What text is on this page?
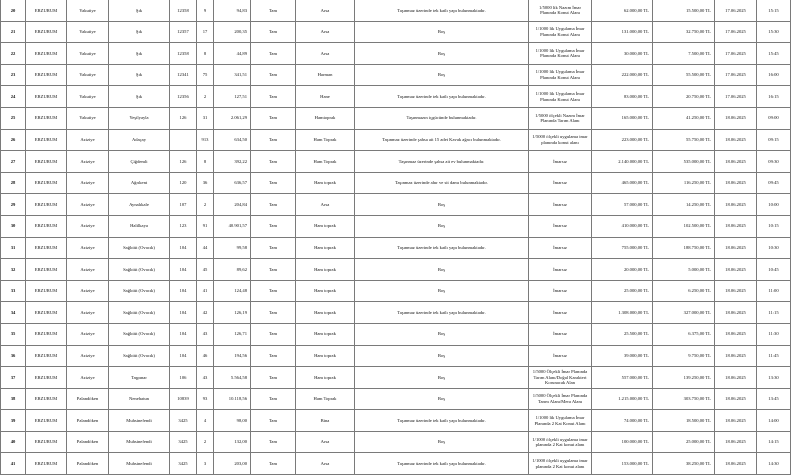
20	ERZURUM	Yakutiye	Şık	12358	9	94,83	Tam	Arsa	Taşınmaz üzerinde tek katlı yapı bulunmaktadır.	1/5000 lik Nazım İmar Planında Konut Alanı	62.000,00 TL	15.500,00 TL	17.06.2025	15:15
21	ERZURUM	Yakutiye	Şık	12357	17	200,35	Tam	Arsa	Boş	1/1000 lik Uygulama İmar Planında Konut Alanı	131.000,00 TL	32.750,00 TL	17.06.2025	15:30
22	ERZURUM	Yakutiye	Şık	12358	8	44,89	Tam	Arsa	Boş	1/1000 lik Uygulama İmar Planında Konut Alanı	30.000,00 TL	7.500,00 TL	17.06.2025	15:45
23	ERZURUM	Yakutiye	Şık	12341	75	341,51	Tam	Harman	Boş	1/1000 lik Uygulama İmar Planında Konut Alanı	222.000,00 TL	55.500,00 TL	17.06.2025	16:00
24	ERZURUM	Yakutiye	Şık	12356	2	127,51	Tam	Hane	Taşınmaz üzerinde tek katlı yapı bulunmaktadır.	1/1000 lik Uygulama İmar Planında Konut Alanı	83.000,00 TL	20.750,00 TL	17.06.2025	16:15
25	ERZURUM	Yakutiye	Yeşilyayla	126	31	2.061,29	Tam	Hamtoprak	Taşınmazın içgücünde bulunmaktadır.	1/5000 ölçekli Nazım İmar Planında Tarım Alanı	165.000,00 TL	41.250,00 TL	18.06.2025	09:00
26	ERZURUM	Aziziye	Adaçay		913	634,50	Tam	Ham Toprak	Taşınmaz üzerinde şahsa ait 15 adet Kavak ağacı bulunmaktadır.	1/5000 ölçekli uygulama imar planında konut alanı	223.000,00 TL	55.750,00 TL	18.06.2025	09:15
27	ERZURUM	Aziziye	Çiğdemli	126	8	392,22	Tam	Ham Toprak	Taşınmaz üzerinde şahsa ait ev bulunmaktadır.	İmarsız	2.140.000,00 TL	535.000,00 TL	18.06.2025	09:30
28	ERZURUM	Aziziye	Ağrıkent	120	36	636,57	Tam	Ham toprak	Taşınmaz üzerinde ahır ve sit damı bulunmaktadır.	İmarsız	465.000,00 TL	116.250,00 TL	18.06.2025	09:45
29	ERZURUM	Aziziye	Aynalıkale	107	2	204,84	Tam	Arsa	Boş	İmarsız	57.000,00 TL	14.250,00 TL	18.06.2025	10:00
30	ERZURUM	Aziziye	Halilkaya	123	91	40.901,57	Tam	Ham toprak	Boş	İmarsız	410.000,00 TL	102.500,00 TL	18.06.2025	10:15
31	ERZURUM	Aziziye	Sağlıtüt (Ovacık)	104	44	99,58	Tam	Ham toprak	Taşınmaz üzerinde tek katlı yapı bulunmaktadır.	İmarsız	755.000,00 TL	188.750,00 TL	18.06.2025	10:30
32	ERZURUM	Aziziye	Sağlıtüt (Ovacık)	104	45	89,62	Tam	Ham toprak	Boş	İmarsız	20.000,00 TL	5.000,00 TL	18.06.2025	10:45
33	ERZURUM	Aziziye	Sağlıtüt (Ovacık)	104	41	124,48	Tam	Ham toprak	Boş	İmarsız	25.000,00 TL	6.250,00 TL	18.06.2025	11:00
34	ERZURUM	Aziziye	Sağlıtüt (Ovacık)	104	42	126,19	Tam	Ham toprak	Taşınmaz üzerinde tek katlı yapı bulunmaktadır.	İmarsız	1.308.000,00 TL	327.000,00 TL	18.06.2025	11:15
35	ERZURUM	Aziziye	Sağlıtüt (Ovacık)	104	43	126,71	Tam	Ham toprak	Boş	İmarsız	25.500,00 TL	6.375,00 TL	18.06.2025	11:30
36	ERZURUM	Aziziye	Sağlıtüt (Ovacık)	104	46	194,56	Tam	Ham toprak	Boş	İmarsız	39.000,00 TL	9.750,00 TL	18.06.2025	11:45
37	ERZURUM	Aziziye	Taşpınar	106	43	5.564,58	Tam	Ham toprak	Boş	1/5000 Ölçekli İmar Planında Tarım Alanı/Doğal Karakteri Korunacak Alan	557.000,00 TL	139.250,00 TL	18.06.2025	13:30
38	ERZURUM	Palandöken	Nenehatun	10839	93	10.118,56	Tam	Ham Toprak	Boş	1/5000 Ölçekli İmar Planında Tarım Alanı/Mera Alanı	1.215.000,00 TL	303.750,00 TL	18.06.2025	13:45
39	ERZURUM	Palandöken	Muhsinefendi	3425	4	98,00	Tam	Bina	Taşınmaz üzerinde tek katlı yapı bulunmaktadır.	1/1000 lik Uygulama İmar Planında 2 Kat Konut Alanı	74.000,00 TL	18.500,00 TL	18.06.2025	14:00
40	ERZURUM	Palandöken	Muhsinefendi	3425	2	132,00	Tam	Arsa	Boş	1/1000 ölçekli uygulama imar planında 2 Kat konut alanı	100.000,00 TL	25.000,00 TL	18.06.2025	14:15
41	ERZURUM	Palandöken	Muhsinefendi	3425	3	203,00	Tam	Arsa	Taşınmaz üzerinde tek katlı yapı bulunmaktadır.	1/1000 ölçekli uygulama imar planında 2 Kat konut alanı	153.000,00 TL	38.250,00 TL	18.06.2025	14:30
